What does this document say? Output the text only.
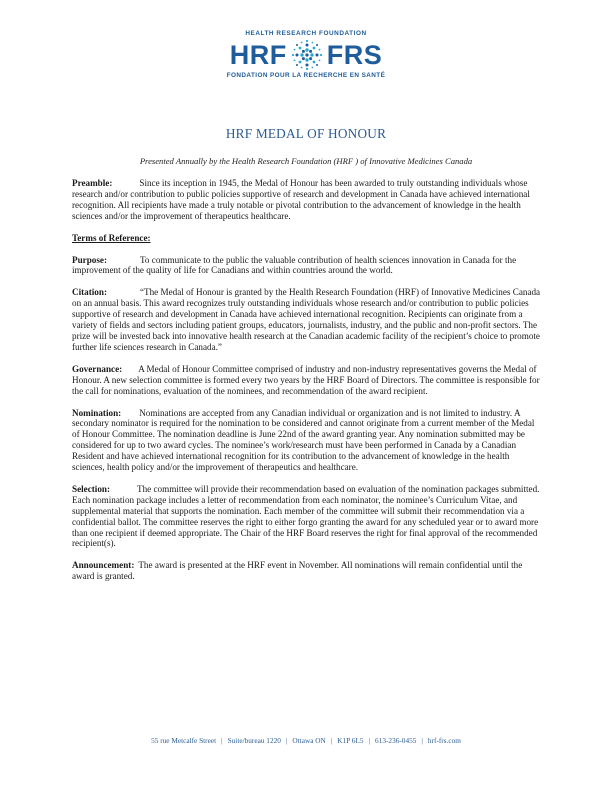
HEALTH RESEARCH FOUNDATION
HRF FRS
FONDATION POUR LA RECHERCHE EN SANTÉ
HRF MEDAL OF HONOUR
Presented Annually by the Health Research Foundation (HRF ) of Innovative Medicines Canada

Preamble:	Since its inception in 1945, the Medal of Honour has been awarded to truly outstanding individuals whose research and/or contribution to public policies supportive of research and development in Canada have achieved international recognition. All recipients have made a truly notable or pivotal contribution to the advancement of knowledge in the health sciences and/or the improvement of therapeutics healthcare.

Terms of Reference:

Purpose:	To communicate to the public the valuable contribution of health sciences innovation in Canada for the improvement of the quality of life for Canadians and within countries around the world.

Citation:	“The Medal of Honour is granted by the Health Research Foundation (HRF) of Innovative Medicines Canada on an annual basis. This award recognizes truly outstanding individuals whose research and/or contribution to public policies supportive of research and development in Canada have achieved international recognition. Recipients can originate from a variety of fields and sectors including patient groups, educators, journalists, industry, and the public and non-profit sectors. The prize will be invested back into innovative health research at the Canadian academic facility of the recipient’s choice to promote further life sciences research in Canada.”

Governance: A Medal of Honour Committee comprised of industry and non-industry representatives governs the Medal of Honour. A new selection committee is formed every two years by the HRF Board of Directors. The committee is responsible for the call for nominations, evaluation of the nominees, and recommendation of the award recipient.

Nomination: Nominations are accepted from any Canadian individual or organization and is not limited to industry. A secondary nominator is required for the nomination to be considered and cannot originate from a current member of the Medal of Honour Committee. The nomination deadline is June 22nd of the award granting year. Any nomination submitted may be considered for up to two award cycles. The nominee’s work/research must have been performed in Canada by a Canadian Resident and have achieved international recognition for its contribution to the advancement of knowledge in the health sciences, health policy and/or the improvement of therapeutics and healthcare.

Selection:	The committee will provide their recommendation based on evaluation of the nomination packages submitted. Each nomination package includes a letter of recommendation from each nominator, the nominee’s Curriculum Vitae, and supplemental material that supports the nomination. Each member of the committee will submit their recommendation via a confidential ballot. The committee reserves the right to either forgo granting the award for any scheduled year or to award more than one recipient if deemed appropriate. The Chair of the HRF Board reserves the right for final approval of the recommended recipient(s).

Announcement: The award is presented at the HRF event in November. All nominations will remain confidential until the award is granted.

55 rue Metcalfe Street | Suite/bureau 1220 | Ottawa ON | K1P 6L5 | 613-236-0455 | hrf-frs.com
